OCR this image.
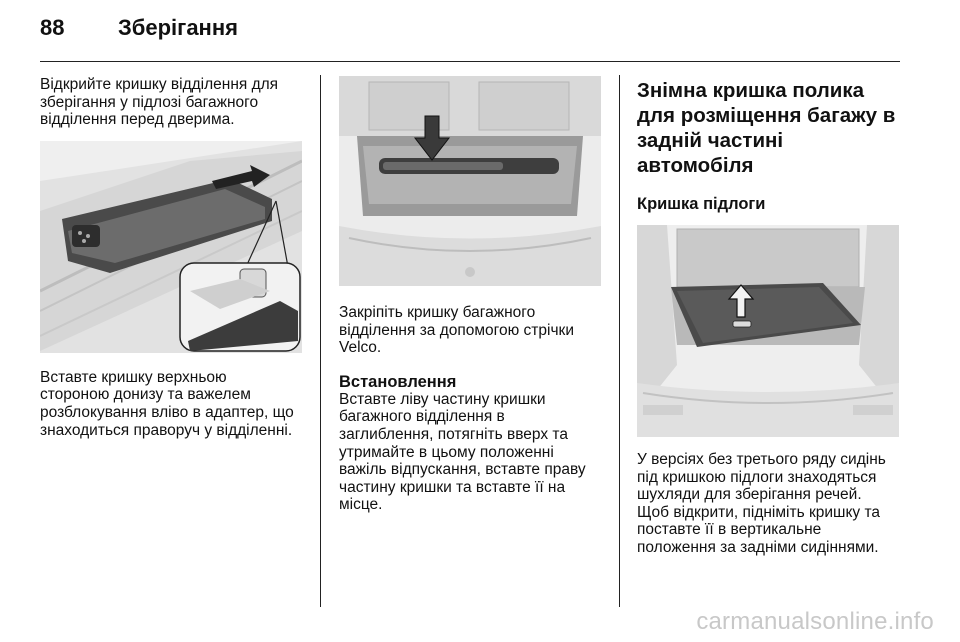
88	Зберігання

Відкрийте кришку відділення для
зберігання у підлозі багажного
відділення перед дверима.

Вставте кришку верхньою
стороною донизу та важелем
розблокування вліво в адаптер, що
знаходиться праворуч у відділенні.

Закріпіть кришку багажного
відділення за допомогою стрічки
Velco.

Встановлення

Вставте ліву частину кришки
багажного відділення в
заглиблення, потягніть вверх та
утримайте в цьому положенні
важіль відпускання, вставте праву
частину кришки та вставте її на
місце.

Знімна кришка полика
для розміщення багажу в
задній частині
автомобіля

Кришка підлоги

У версіях без третього ряду сидінь
під кришкою підлоги знаходяться
шухляди для зберігання речей.
Щоб відкрити, підніміть кришку та
поставте її в вертикальне
положення за задніми сидіннями.

carmanualsonline.info
